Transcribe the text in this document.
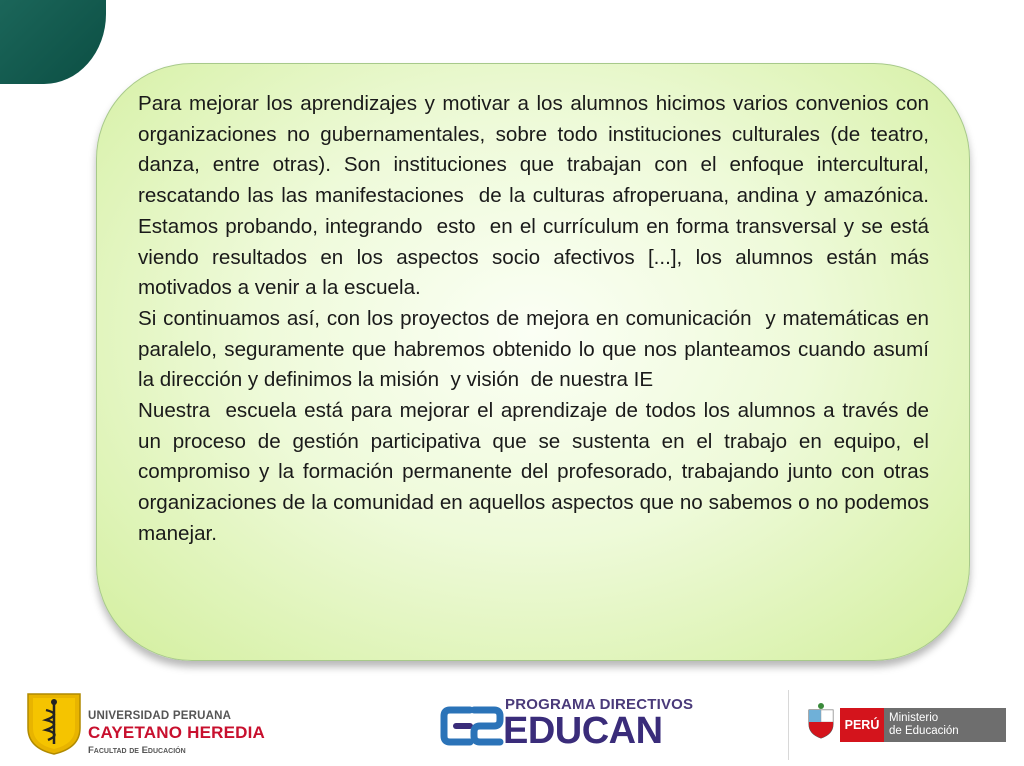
Para mejorar los aprendizajes y motivar a los alumnos hicimos varios convenios con organizaciones no gubernamentales, sobre todo instituciones culturales (de teatro, danza, entre otras). Son instituciones que trabajan con el enfoque intercultural, rescatando las las manifestaciones  de la culturas afroperuana, andina y amazónica. Estamos probando, integrando  esto  en el currículum en forma transversal y se está viendo resultados en los aspectos socio afectivos [...], los alumnos están más motivados a venir a la escuela.

Si continuamos así, con los proyectos de mejora en comunicación  y matemáticas en paralelo, seguramente que habremos obtenido lo que nos planteamos cuando asumí la dirección y definimos la misión  y visión  de nuestra IE

Nuestra  escuela está para mejorar el aprendizaje de todos los alumnos a través de un proceso de gestión participativa que se sustenta en el trabajo en equipo, el compromiso y la formación permanente del profesorado, trabajando junto con otras organizaciones de la comunidad en aquellos aspectos que no sabemos o no podemos manejar.

UNIVERSIDAD PERUANA
CAYETANO HEREDIA
Facultad de Educación
PROGRAMA DIRECTIVOS
EDUCAN	PERÚ Ministerio
de Educación
